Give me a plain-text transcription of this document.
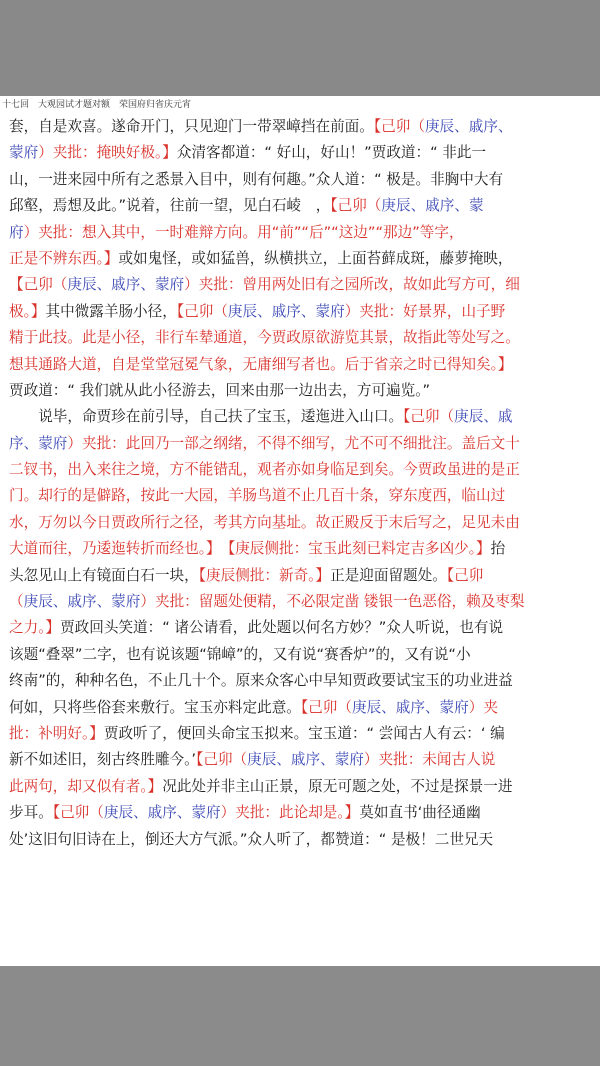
十七回　大观园试才题对额　荣国府归省庆元宵
套，自是欢喜。遂命开门，只见迎门一带翠嶂挡在前面。【己卯（庚辰、戚序、
蒙府）夹批：掩映好极。】众清客都道：“ 好山，好山！”贾政道：“ 非此一
山，一进来园中所有之悉景入目中，则有何趣。”众人道：“ 极是。非胸中大有
邱壑，焉想及此。”说着，往前一望，见白石崚　，【己卯（庚辰、戚序、蒙
府）夹批：想入其中，一时难辩方向。用“前”“后”“这边”“那边”等字，
正是不辨东西。】或如鬼怪，或如猛兽，纵横拱立，上面苔藓成斑，藤萝掩映，
【己卯（庚辰、戚序、蒙府）夹批：曾用两处旧有之园所改，故如此写方可，细
极。】其中微露羊肠小径，【己卯（庚辰、戚序、蒙府）夹批：好景界，山子野
精于此技。此是小径，非行车辇通道，今贾政原欲游览其景，故指此等处写之。
想其通路大道，自是堂堂冠冕气象，无庸细写者也。后于省亲之时已得知矣。】
贾政道：“ 我们就从此小径游去，回来由那一边出去，方可遍览。”
　　说毕，命贾珍在前引导，自己扶了宝玉，逶迤进入山口。【己卯（庚辰、戚
序、蒙府）夹批：此回乃一部之纲绪，不得不细写，尤不可不细批注。盖后文十
二钗书，出入来往之境，方不能错乱，观者亦如身临足到矣。今贾政虽进的是正
门。却行的是僻路，按此一大园，羊肠鸟道不止几百十条，穿东度西，临山过
水，万勿以今日贾政所行之径，考其方向基址。故正殿反于末后写之，足见未由
大道而往，乃逶迤转折而经也。】　【庚辰侧批：宝玉此刻已料定吉多凶少。】抬
头忽见山上有镜面白石一块，【庚辰侧批：新奇。】正是迎面留题处。【己卯
（庚辰、戚序、蒙府）夹批：留题处便精，不必限定凿 镂银一色恶俗，赖及枣梨
之力。】贾政回头笑道：“ 诸公请看，此处题以何名方妙？”众人听说，也有说
该题“叠翠”二字，也有说该题“锦嶂”的，又有说“赛香炉”的，又有说“小
终南”的，种种名色，不止几十个。原来众客心中早知贾政要试宝玉的功业进益
何如，只将些俗套来敷行。宝玉亦料定此意。【己卯（庚辰、戚序、蒙府）夹
批：补明好。】贾政听了，便回头命宝玉拟来。宝玉道：“ 尝闻古人有云：‘ 编
新不如述旧，刻古终胜雕今。’【己卯（庚辰、戚序、蒙府）夹批：未闻古人说
此两句，却又似有者。】况此处并非主山正景，原无可题之处，不过是探景一进
步耳。【己卯（庚辰、戚序、蒙府）夹批：此论却是。】莫如直书‘曲径通幽
处’这旧句旧诗在上，倒还大方气派。”众人听了，都赞道：“ 是极！二世兄天
